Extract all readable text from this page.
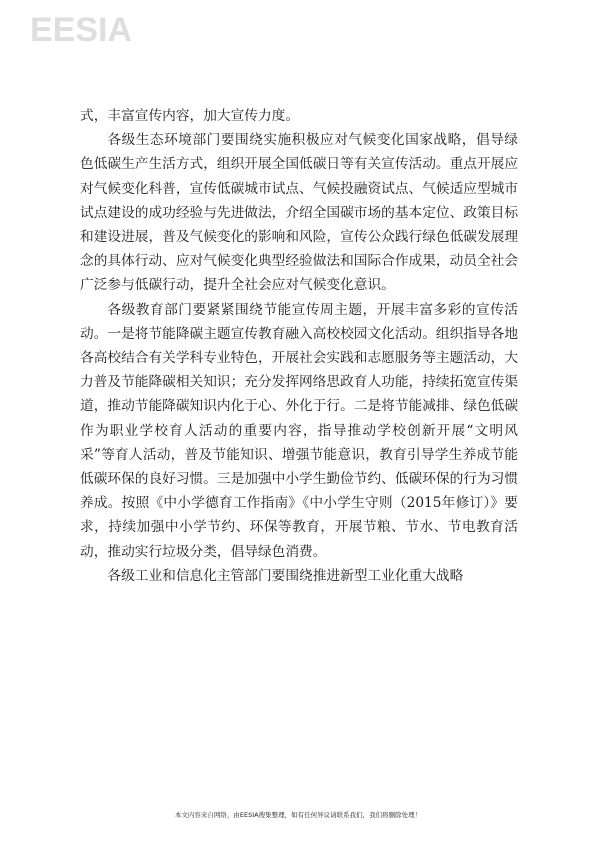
EESIA

式，丰富宣传内容，加大宣传力度。

各级生态环境部门要围绕实施积极应对气候变化国家战略，倡导绿色低碳生产生活方式，组织开展全国低碳日等有关宣传活动。重点开展应对气候变化科普，宣传低碳城市试点、气候投融资试点、气候适应型城市试点建设的成功经验与先进做法，介绍全国碳市场的基本定位、政策目标和建设进展，普及气候变化的影响和风险，宣传公众践行绿色低碳发展理念的具体行动、应对气候变化典型经验做法和国际合作成果，动员全社会广泛参与低碳行动，提升全社会应对气候变化意识。

各级教育部门要紧紧围绕节能宣传周主题，开展丰富多彩的宣传活动。一是将节能降碳主题宣传教育融入高校校园文化活动。组织指导各地各高校结合有关学科专业特色，开展社会实践和志愿服务等主题活动，大力普及节能降碳相关知识；充分发挥网络思政育人功能，持续拓宽宣传渠道，推动节能降碳知识内化于心、外化于行。二是将节能减排、绿色低碳作为职业学校育人活动的重要内容，指导推动学校创新开展“文明风采”等育人活动，普及节能知识、增强节能意识，教育引导学生养成节能低碳环保的良好习惯。三是加强中小学生勤俭节约、低碳环保的行为习惯养成。按照《中小学德育工作指南》《中小学生守则（2015年修订）》要求，持续加强中小学节约、环保等教育，开展节粮、节水、节电教育活动，推动实行垃圾分类，倡导绿色消费。

各级工业和信息化主管部门要围绕推进新型工业化重大战略

本文内容来自网络，由EESIA搜集整理，如有任何异议请联系我们，我们将删除处理！
